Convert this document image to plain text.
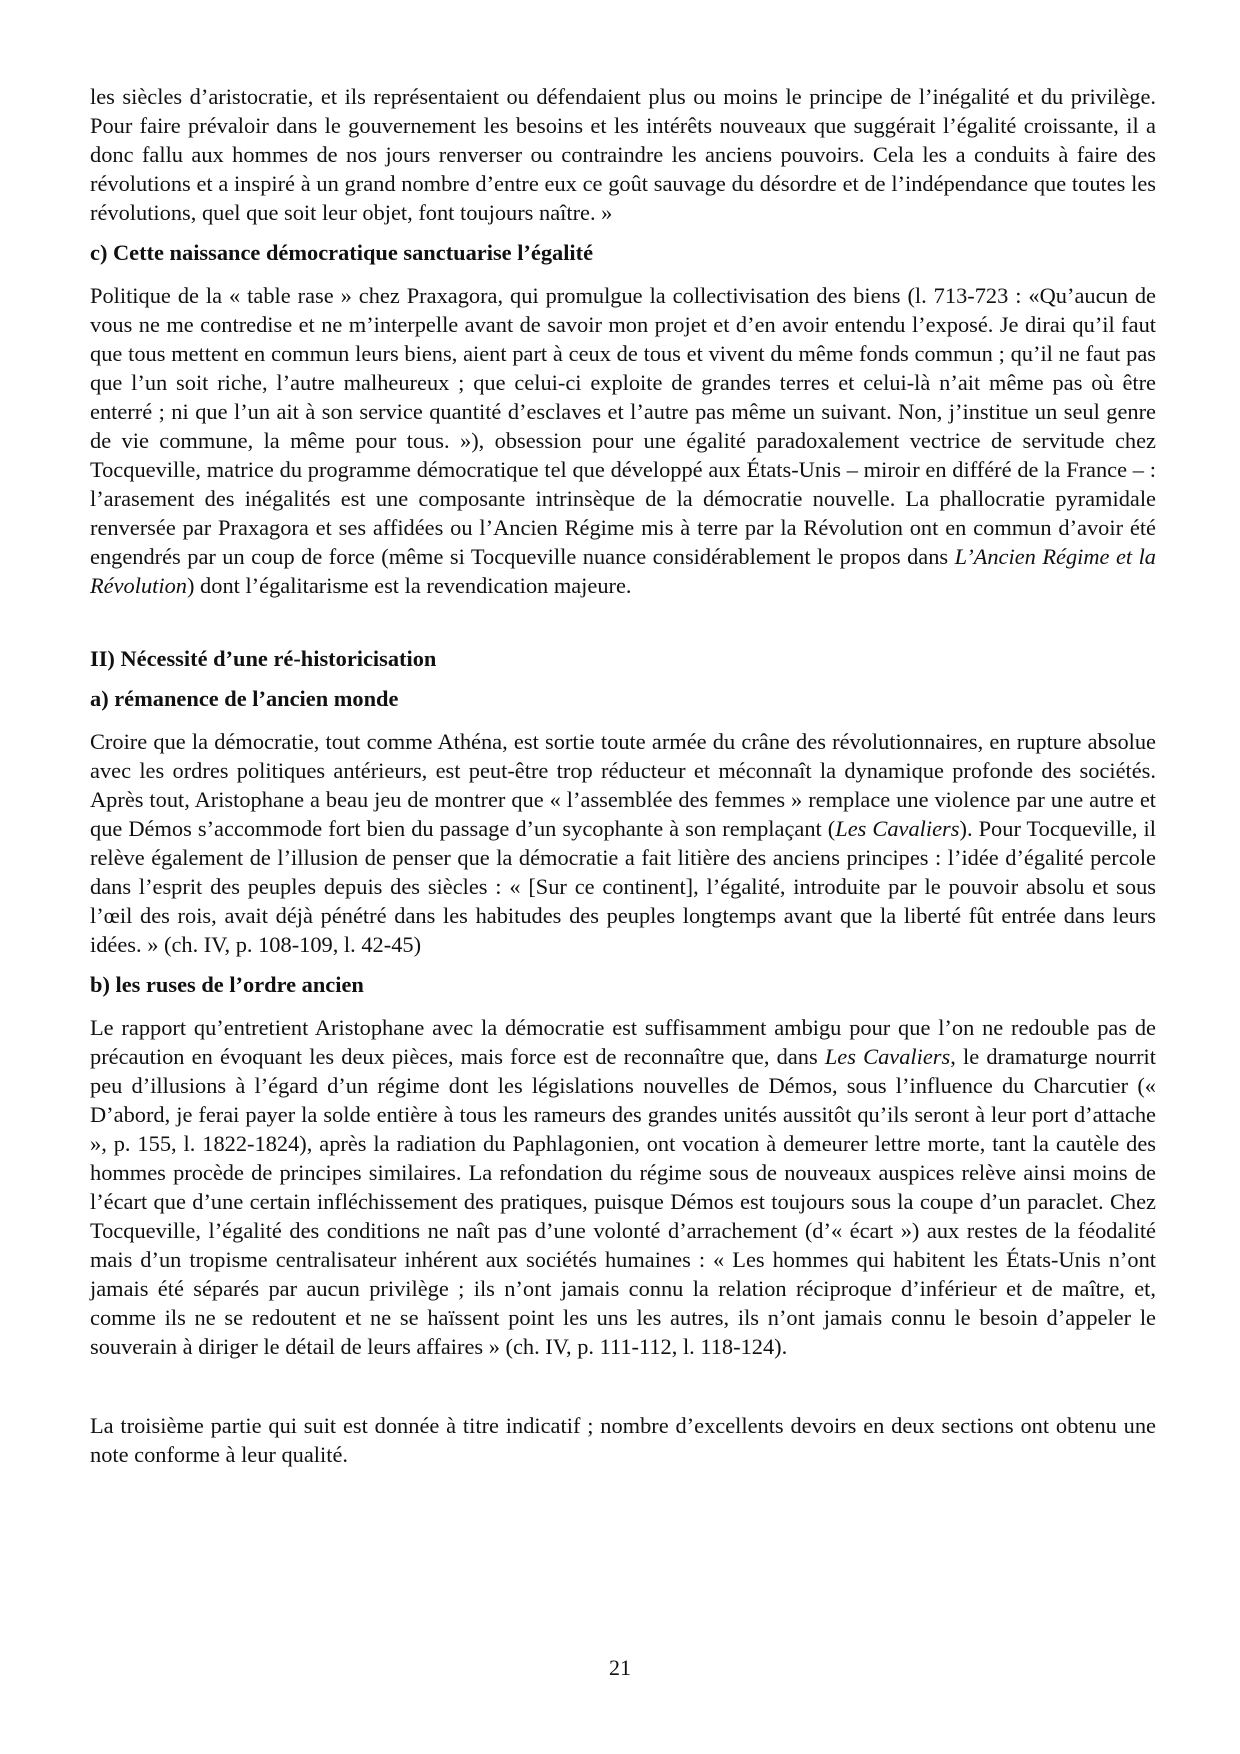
les siècles d’aristocratie, et ils représentaient ou défendaient plus ou moins le principe de l’inégalité et du privilège. Pour faire prévaloir dans le gouvernement les besoins et les intérêts nouveaux que suggérait l’égalité croissante, il a donc fallu aux hommes de nos jours renverser ou contraindre les anciens pouvoirs. Cela les a conduits à faire des révolutions et a inspiré à un grand nombre d’entre eux ce goût sauvage du désordre et de l’indépendance que toutes les révolutions, quel que soit leur objet, font toujours naître. »

c) Cette naissance démocratique sanctuarise l’égalité

Politique de la « table rase » chez Praxagora, qui promulgue la collectivisation des biens (l. 713-723 : «Qu’aucun de vous ne me contredise et ne m’interpelle avant de savoir mon projet et d’en avoir entendu l’exposé. Je dirai qu’il faut que tous mettent en commun leurs biens, aient part à ceux de tous et vivent du même fonds commun ; qu’il ne faut pas que l’un soit riche, l’autre malheureux ; que celui-ci exploite de grandes terres et celui-là n’ait même pas où être enterré ; ni que l’un ait à son service quantité d’esclaves et l’autre pas même un suivant. Non, j’institue un seul genre de vie commune, la même pour tous. »), obsession pour une égalité paradoxalement vectrice de servitude chez Tocqueville, matrice du programme démocratique tel que développé aux États-Unis – miroir en différé de la France – : l’arasement des inégalités est une composante intrinsèque de la démocratie nouvelle. La phallocratie pyramidale renversée par Praxagora et ses affidées ou l’Ancien Régime mis à terre par la Révolution ont en commun d’avoir été engendrés par un coup de force (même si Tocqueville nuance considérablement le propos dans L’Ancien Régime et la Révolution) dont l’égalitarisme est la revendication majeure.

II) Nécessité d’une ré-historicisation

a) rémanence de l’ancien monde

Croire que la démocratie, tout comme Athéna, est sortie toute armée du crâne des révolutionnaires, en rupture absolue avec les ordres politiques antérieurs, est peut-être trop réducteur et méconnaît la dynamique profonde des sociétés. Après tout, Aristophane a beau jeu de montrer que « l’assemblée des femmes » remplace une violence par une autre et que Démos s’accommode fort bien du passage d’un sycophante à son remplaçant (Les Cavaliers). Pour Tocqueville, il relève également de l’illusion de penser que la démocratie a fait litière des anciens principes : l’idée d’égalité percole dans l’esprit des peuples depuis des siècles : « [Sur ce continent], l’égalité, introduite par le pouvoir absolu et sous l’œil des rois, avait déjà pénétré dans les habitudes des peuples longtemps avant que la liberté fût entrée dans leurs idées. » (ch. IV, p. 108-109, l. 42-45)

b) les ruses de l’ordre ancien

Le rapport qu’entretient Aristophane avec la démocratie est suffisamment ambigu pour que l’on ne redouble pas de précaution en évoquant les deux pièces, mais force est de reconnaître que, dans Les Cavaliers, le dramaturge nourrit peu d’illusions à l’égard d’un régime dont les législations nouvelles de Démos, sous l’influence du Charcutier (« D’abord, je ferai payer la solde entière à tous les rameurs des grandes unités aussitôt qu’ils seront à leur port d’attache », p. 155, l. 1822-1824), après la radiation du Paphlagonien, ont vocation à demeurer lettre morte, tant la cautèle des hommes procède de principes similaires. La refondation du régime sous de nouveaux auspices relève ainsi moins de l’écart que d’une certain infléchissement des pratiques, puisque Démos est toujours sous la coupe d’un paraclet. Chez Tocqueville, l’égalité des conditions ne naît pas d’une volonté d’arrachement (d’« écart ») aux restes de la féodalité mais d’un tropisme centralisateur inhérent aux sociétés humaines : « Les hommes qui habitent les États-Unis n’ont jamais été séparés par aucun privilège ; ils n’ont jamais connu la relation réciproque d’inférieur et de maître, et, comme ils ne se redoutent et ne se haïssent point les uns les autres, ils n’ont jamais connu le besoin d’appeler le souverain à diriger le détail de leurs affaires » (ch. IV, p. 111-112, l. 118-124).

La troisième partie qui suit est donnée à titre indicatif ; nombre d’excellents devoirs en deux sections ont obtenu une note conforme à leur qualité.

21
